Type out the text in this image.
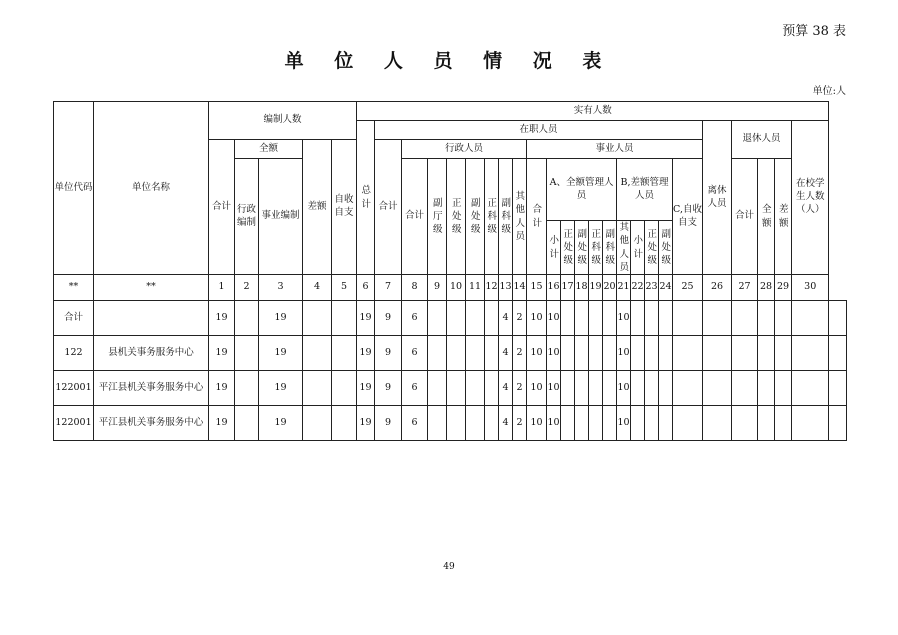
预算 38 表
单 位 人 员 情 况 表
单位:人
单位代码	单位名称	编制人数					实有人数																									

							总计	在职人员																			离休人员	退休人员			在校学生人数（人）	
		合计	全额		差额	自收自支		合计	行政人员							事业人员																
			行政编制	事业编制					合计	副厅级	正处级	副处级	正科级	副科级	其他人员	合计	A、全额管理人员					B,差额管理人员				C,自收自支		合计	全额	差额		

																	小计	正处级	副处级	正科级	副科级	其他人员	小计	正处级	副处级							

**	**	1	2	3	4	5	6	7	8	9	10	11	12	13	14	15	16	17	18	19	20	21	22	23	24	25	26	27	28	29	30	
合计		19		19			19	9	6					4	2	10	10					10										
122	县机关事务服务中心	19		19			19	9	6					4	2	10	10					10										
122001	平江县机关事务服务中心	19		19			19	9	6					4	2	10	10					10										
122001	平江县机关事务服务中心	19		19			19	9	6					4	2	10	10					10										
49
